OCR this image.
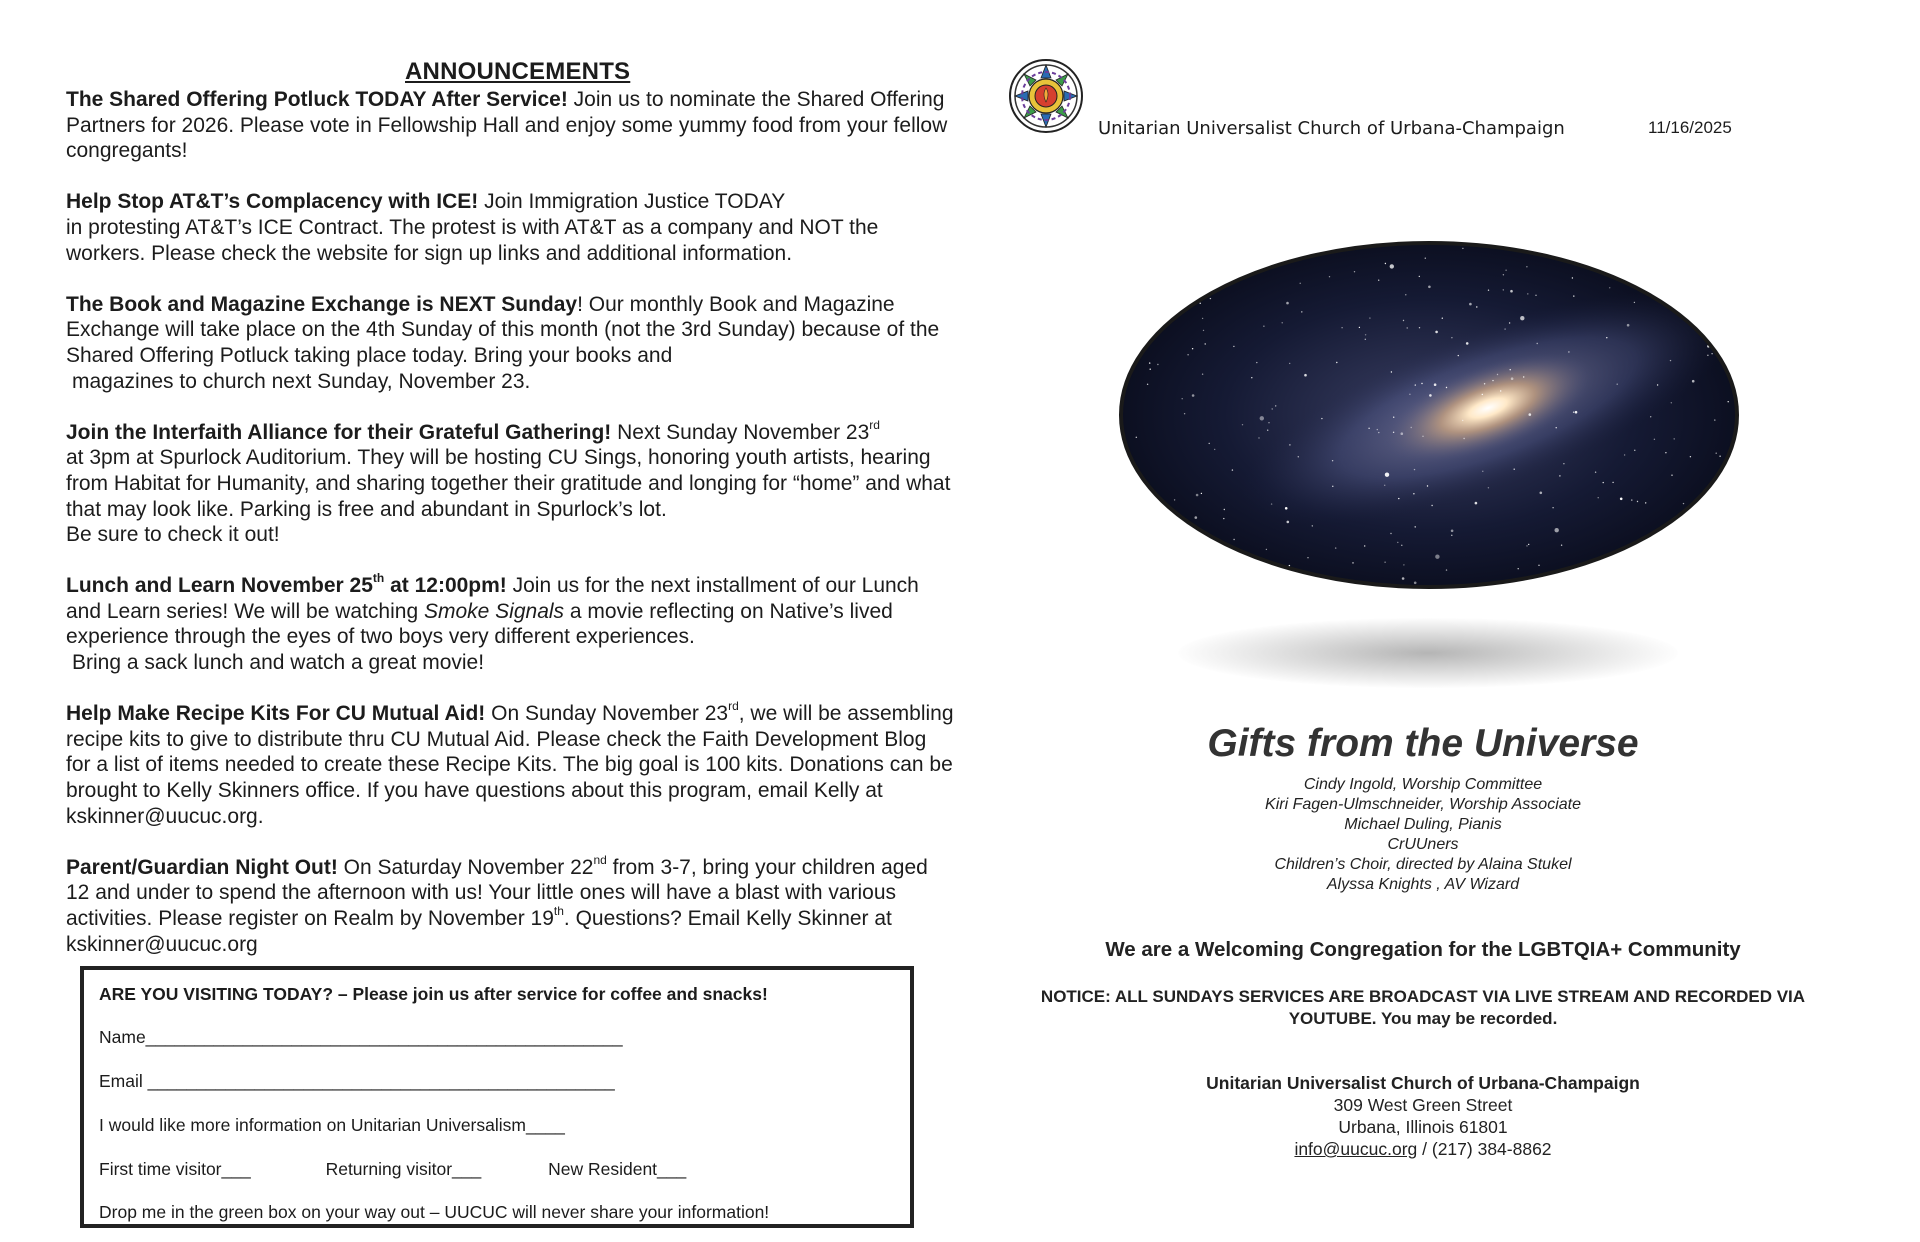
ANNOUNCEMENTS
The Shared Offering Potluck TODAY After Service! Join us to nominate the Shared Offering Partners for 2026. Please vote in Fellowship Hall and enjoy some yummy food from your fellow congregants!
Help Stop AT&T’s Complacency with ICE! Join Immigration Justice TODAY
in protesting AT&T’s ICE Contract. The protest is with AT&T as a company and NOT the workers. Please check the website for sign up links and additional information.
The Book and Magazine Exchange is NEXT Sunday! Our monthly Book and Magazine Exchange will take place on the 4th Sunday of this month (not the 3rd Sunday) because of the Shared Offering Potluck taking place today. Bring your books and
magazines to church next Sunday, November 23.
Join the Interfaith Alliance for their Grateful Gathering! Next Sunday November 23rd
at 3pm at Spurlock Auditorium. They will be hosting CU Sings, honoring youth artists, hearing from Habitat for Humanity, and sharing together their gratitude and longing for “home” and what that may look like. Parking is free and abundant in Spurlock’s lot.
Be sure to check it out!
Lunch and Learn November 25th at 12:00pm! Join us for the next installment of our Lunch and Learn series! We will be watching Smoke Signals a movie reflecting on Native’s lived experience through the eyes of two boys very different experiences.
Bring a sack lunch and watch a great movie!
Help Make Recipe Kits For CU Mutual Aid! On Sunday November 23rd, we will be assembling recipe kits to give to distribute thru CU Mutual Aid. Please check the Faith Development Blog for a list of items needed to create these Recipe Kits. The big goal is 100 kits. Donations can be brought to Kelly Skinners office. If you have questions about this program, email Kelly at kskinner@uucuc.org.
Parent/Guardian Night Out! On Saturday November 22nd from 3-7, bring your children aged 12 and under to spend the afternoon with us! Your little ones will have a blast with various activities. Please register on Realm by November 19th. Questions? Email Kelly Skinner at kskinner@uucuc.org
ARE YOU VISITING TODAY? – Please join us after service for coffee and snacks!
Name_________________________________________________
Email ________________________________________________
I would like more information on Unitarian Universalism____
First time visitor___	Returning visitor___	New Resident___
Drop me in the green box on your way out – UUCUC will never share your information!
Unitarian Universalist Church of Urbana-Champaign	11/16/2025
Gifts from the Universe
Cindy Ingold, Worship Committee
Kiri Fagen-Ulmschneider, Worship Associate
Michael Duling, Pianis
CrUUners
Children’s Choir, directed by Alaina Stukel
Alyssa Knights , AV Wizard
We are a Welcoming Congregation for the LGBTQIA+ Community
NOTICE: ALL SUNDAYS SERVICES ARE BROADCAST VIA LIVE STREAM AND RECORDED VIA YOUTUBE. You may be recorded.
Unitarian Universalist Church of Urbana-Champaign
309 West Green Street
Urbana, Illinois 61801
info@uucuc.org / (217) 384-8862
